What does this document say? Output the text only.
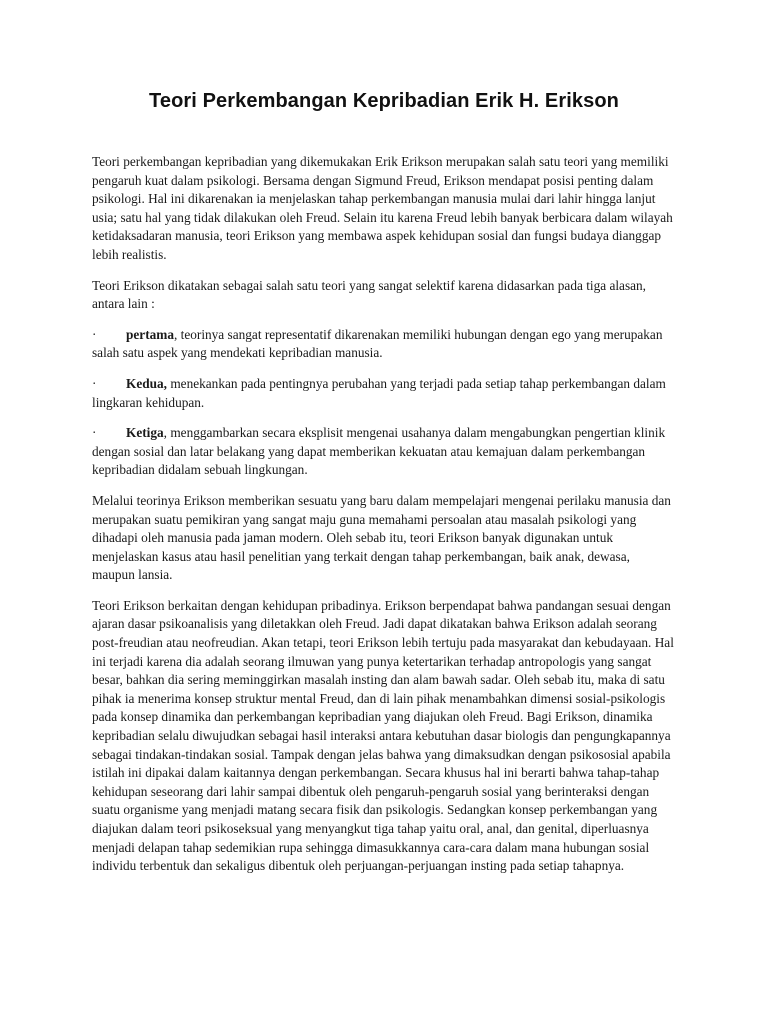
Teori Perkembangan Kepribadian Erik H. Erikson

Teori perkembangan kepribadian yang dikemukakan Erik Erikson merupakan salah satu teori yang memiliki pengaruh kuat dalam psikologi. Bersama dengan Sigmund Freud, Erikson mendapat posisi penting dalam psikologi. Hal ini dikarenakan ia menjelaskan tahap perkembangan manusia mulai dari lahir hingga lanjut usia; satu hal yang tidak dilakukan oleh Freud. Selain itu karena Freud lebih banyak berbicara dalam wilayah ketidaksadaran manusia, teori Erikson yang membawa aspek kehidupan sosial dan fungsi budaya dianggap lebih realistis.

Teori Erikson dikatakan sebagai salah satu teori yang sangat selektif karena didasarkan pada tiga alasan, antara lain :

· pertama, teorinya sangat representatif dikarenakan memiliki hubungan dengan ego yang merupakan salah satu aspek yang mendekati kepribadian manusia.

· Kedua, menekankan pada pentingnya perubahan yang terjadi pada setiap tahap perkembangan dalam lingkaran kehidupan.

· Ketiga, menggambarkan secara eksplisit mengenai usahanya dalam mengabungkan pengertian klinik dengan sosial dan latar belakang yang dapat memberikan kekuatan atau kemajuan dalam perkembangan kepribadian didalam sebuah lingkungan.

Melalui teorinya Erikson memberikan sesuatu yang baru dalam mempelajari mengenai perilaku manusia dan merupakan suatu pemikiran yang sangat maju guna memahami persoalan atau masalah psikologi yang dihadapi oleh manusia pada jaman modern. Oleh sebab itu, teori Erikson banyak digunakan untuk menjelaskan kasus atau hasil penelitian yang terkait dengan tahap perkembangan, baik anak, dewasa, maupun lansia.

Teori Erikson berkaitan dengan kehidupan pribadinya. Erikson berpendapat bahwa pandangan sesuai dengan ajaran dasar psikoanalisis yang diletakkan oleh Freud. Jadi dapat dikatakan bahwa Erikson adalah seorang post-freudian atau neofreudian. Akan tetapi, teori Erikson lebih tertuju pada masyarakat dan kebudayaan. Hal ini terjadi karena dia adalah seorang ilmuwan yang punya ketertarikan terhadap antropologis yang sangat besar, bahkan dia sering meminggirkan masalah insting dan alam bawah sadar. Oleh sebab itu, maka di satu pihak ia menerima konsep struktur mental Freud, dan di lain pihak menambahkan dimensi sosial-psikologis pada konsep dinamika dan perkembangan kepribadian yang diajukan oleh Freud. Bagi Erikson, dinamika kepribadian selalu diwujudkan sebagai hasil interaksi antara kebutuhan dasar biologis dan pengungkapannya sebagai tindakan-tindakan sosial. Tampak dengan jelas bahwa yang dimaksudkan dengan psikososial apabila istilah ini dipakai dalam kaitannya dengan perkembangan. Secara khusus hal ini berarti bahwa tahap-tahap kehidupan seseorang dari lahir sampai dibentuk oleh pengaruh-pengaruh sosial yang berinteraksi dengan suatu organisme yang menjadi matang secara fisik dan psikologis. Sedangkan konsep perkembangan yang diajukan dalam teori psikoseksual yang menyangkut tiga tahap yaitu oral, anal, dan genital, diperluasnya menjadi delapan tahap sedemikian rupa sehingga dimasukkannya cara-cara dalam mana hubungan sosial individu terbentuk dan sekaligus dibentuk oleh perjuangan-perjuangan insting pada setiap tahapnya.
